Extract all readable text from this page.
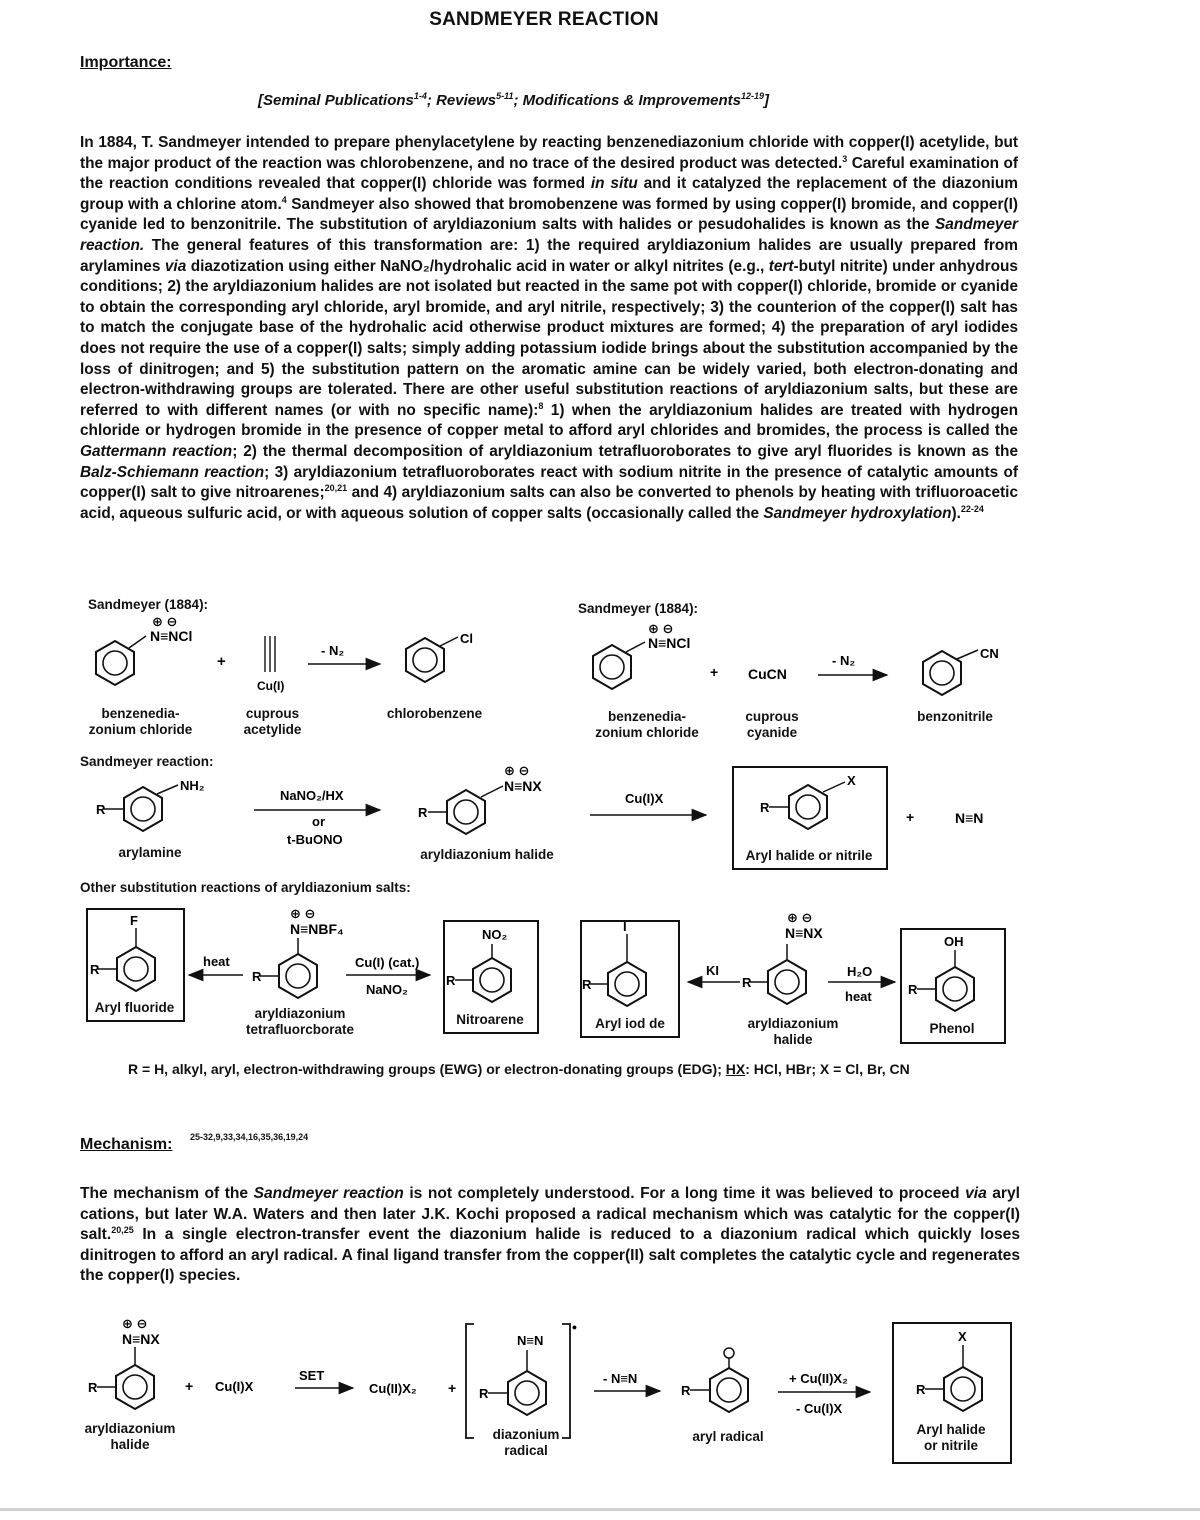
SANDMEYER REACTION
Importance:
[Seminal Publications$^{1-4}$; Reviews$^{5-11}$; Modifications & Improvements$^{12-19}$]
In 1884, T. Sandmeyer intended to prepare phenylacetylene by reacting benzenediazonium chloride with copper(I) acetylide, but the major product of the reaction was chlorobenzene, and no trace of the desired product was detected.$^3$ Careful examination of the reaction conditions revealed that copper(I) chloride was formed in situ and it catalyzed the replacement of the diazonium group with a chlorine atom.$^4$ Sandmeyer also showed that bromobenzene was formed by using copper(I) bromide, and copper(I) cyanide led to benzonitrile. The substitution of aryldiazonium salts with halides or pesudohalides is known as the Sandmeyer reaction. The general features of this transformation are: 1) the required aryldiazonium halides are usually prepared from arylamines via diazotization using either NaNO₂/hydrohalic acid in water or alkyl nitrites (e.g., tert-butyl nitrite) under anhydrous conditions; 2) the aryldiazonium halides are not isolated but reacted in the same pot with copper(I) chloride, bromide or cyanide to obtain the corresponding aryl chloride, aryl bromide, and aryl nitrile, respectively; 3) the counterion of the copper(I) salt has to match the conjugate base of the hydrohalic acid otherwise product mixtures are formed; 4) the preparation of aryl iodides does not require the use of a copper(I) salts; simply adding potassium iodide brings about the substitution accompanied by the loss of dinitrogen; and 5) the substitution pattern on the aromatic amine can be widely varied, both electron-donating and electron-withdrawing groups are tolerated. There are other useful substitution reactions of aryldiazonium salts, but these are referred to with different names (or with no specific name):$^8$ 1) when the aryldiazonium halides are treated with hydrogen chloride or hydrogen bromide in the presence of copper metal to afford aryl chlorides and bromides, the process is called the Gattermann reaction; 2) the thermal decomposition of aryldiazonium tetrafluoroborates to give aryl fluorides is known as the Balz-Schiemann reaction; 3) aryldiazonium tetrafluoroborates react with sodium nitrite in the presence of catalytic amounts of copper(I) salt to give nitroarenes;$^{20,21}$ and 4) aryldiazonium salts can also be converted to phenols by heating with trifluoroacetic acid, aqueous sulfuric acid, or with aqueous solution of copper salts (occasionally called the Sandmeyer hydroxylation).$^{22-24}$
Sandmeyer (1884):	Sandmeyer (1884):
⊕ ⊖
N≡NCl
+
Cu(I)
- N₂
Cl
⊕ ⊖
N≡NCl
+ CuCN
- N₂	CN
R
NH₂
NaNO₂/HX
or
t-BuONO
R
⊕ ⊖
N≡NX
Cu(I)X
R
X
+	N≡N
F
R
heat
R
⊕ ⊖
N≡NBF₄
Cu(I) (cat.)
NaNO₂
NO₂
R
I
R
KI
R
⊕ ⊖
N≡NX
H₂O
heat
OH
R
⊕ ⊖
N≡NX
R	+ Cu(I)X
SET
Cu(II)X₂ +
•
N≡N
R
- N≡N
R
+ Cu(II)X₂
- Cu(I)X
X
R
benzenedia-
zonium chloride
cuprous
acetylide
chlorobenzene	benzenedia-
zonium chloride
cuprous
cyanide
benzonitrile
Sandmeyer reaction:
arylamine	aryldiazonium halide	Aryl halide or nitrile
Other substitution reactions of aryldiazonium salts:
Aryl fluoride	aryldiazonium
tetrafluorcborate
Nitroarene	Aryl iod de	aryldiazonium
halide
Phenol
R = H, alkyl, aryl, electron-withdrawing groups (EWG) or electron-donating groups (EDG); HX: HCl, HBr; X = Cl, Br, CN
Mechanism: 25-32,9,33,34,16,35,36,19,24
The mechanism of the Sandmeyer reaction is not completely understood. For a long time it was believed to proceed via aryl cations, but later W.A. Waters and then later J.K. Kochi proposed a radical mechanism which was catalytic for the copper(I) salt.$^{20,25}$ In a single electron-transfer event the diazonium halide is reduced to a diazonium radical which quickly loses dinitrogen to afford an aryl radical. A final ligand transfer from the copper(II) salt completes the catalytic cycle and regenerates the copper(I) species.
aryldiazonium
halide
diazonium
radical
aryl radical	Aryl halide
or nitrile
